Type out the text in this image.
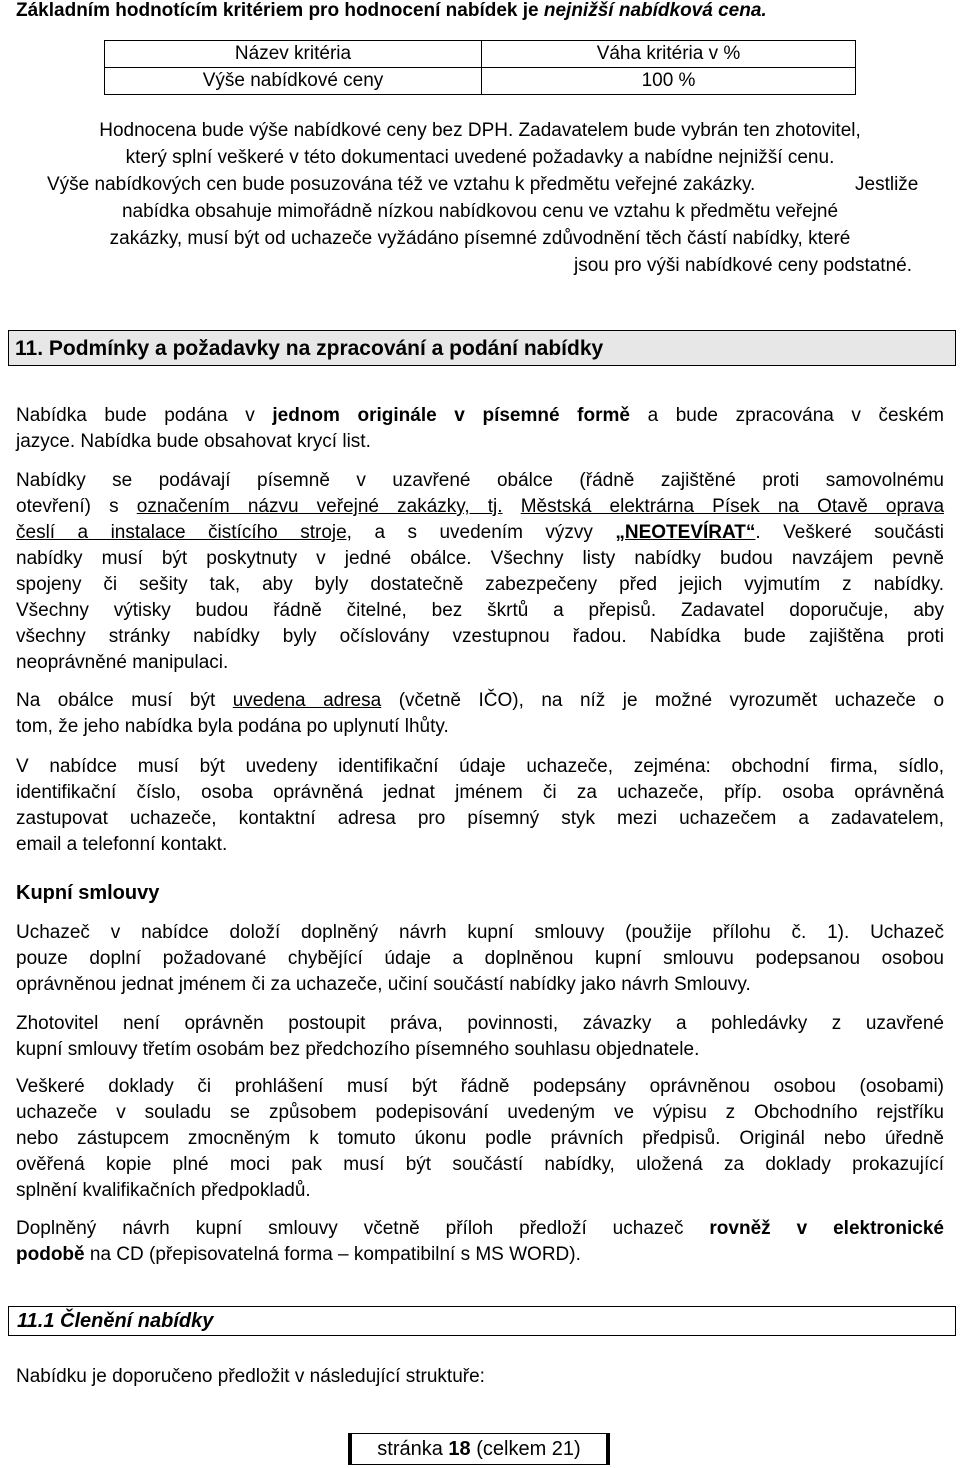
Základním hodnotícím kritériem pro hodnocení nabídek je nejnižší nabídková cena.
Název kritéria	Váha kritéria v %
Výše nabídkové ceny	100 %
Hodnocena bude výše nabídkové ceny bez DPH. Zadavatelem bude vybrán ten zhotovitel,
který splní veškeré v této dokumentaci uvedené požadavky a nabídne nejnižší cenu.
Výše nabídkových cen bude posuzována též ve vztahu k předmětu veřejné zakázky.	Jestliže
nabídka obsahuje mimořádně nízkou nabídkovou cenu ve vztahu k předmětu veřejné
zakázky, musí být od uchazeče vyžádáno písemné zdůvodnění těch částí nabídky, které
jsou pro výši nabídkové ceny podstatné.
11. Podmínky a požadavky na zpracování a podání nabídky
Nabídka bude podána v jednom originále v písemné formě a bude zpracována v českém
jazyce. Nabídka bude obsahovat krycí list.
Nabídky se podávají písemně v uzavřené obálce (řádně zajištěné proti samovolnému
otevření) s označením názvu veřejné zakázky, tj. Městská elektrárna Písek na Otavě oprava
česlí a instalace čistícího stroje, a s uvedením výzvy „NEOTEVÍRAT“. Veškeré součásti
nabídky musí být poskytnuty v jedné obálce. Všechny listy nabídky budou navzájem pevně
spojeny či sešity tak, aby byly dostatečně zabezpečeny před jejich vyjmutím z nabídky.
Všechny výtisky budou řádně čitelné, bez škrtů a přepisů. Zadavatel doporučuje, aby
všechny stránky nabídky byly očíslovány vzestupnou řadou. Nabídka bude zajištěna proti
neoprávněné manipulaci.
Na obálce musí být uvedena adresa (včetně IČO), na níž je možné vyrozumět uchazeče o
tom, že jeho nabídka byla podána po uplynutí lhůty.
V nabídce musí být uvedeny identifikační údaje uchazeče, zejména: obchodní firma, sídlo,
identifikační číslo, osoba oprávněná jednat jménem či za uchazeče, příp. osoba oprávněná
zastupovat uchazeče, kontaktní adresa pro písemný styk mezi uchazečem a zadavatelem,
email a telefonní kontakt.
Kupní smlouvy
Uchazeč v nabídce doloží doplněný návrh kupní smlouvy (použije přílohu č. 1). Uchazeč
pouze doplní požadované chybějící údaje a doplněnou kupní smlouvu podepsanou osobou
oprávněnou jednat jménem či za uchazeče, učiní součástí nabídky jako návrh Smlouvy.
Zhotovitel není oprávněn postoupit práva, povinnosti, závazky a pohledávky z uzavřené
kupní smlouvy třetím osobám bez předchozího písemného souhlasu objednatele.
Veškeré doklady či prohlášení musí být řádně podepsány oprávněnou osobou (osobami)
uchazeče v souladu se způsobem podepisování uvedeným ve výpisu z Obchodního rejstříku
nebo zástupcem zmocněným k tomuto úkonu podle právních předpisů. Originál nebo úředně
ověřená kopie plné moci pak musí být součástí nabídky, uložená za doklady prokazující
splnění kvalifikačních předpokladů.
Doplněný návrh kupní smlouvy včetně příloh předloží uchazeč rovněž v elektronické
podobě na CD (přepisovatelná forma – kompatibilní s MS WORD).
11.1 Členění nabídky
Nabídku je doporučeno předložit v následující struktuře:
stránka 18 (celkem 21)
